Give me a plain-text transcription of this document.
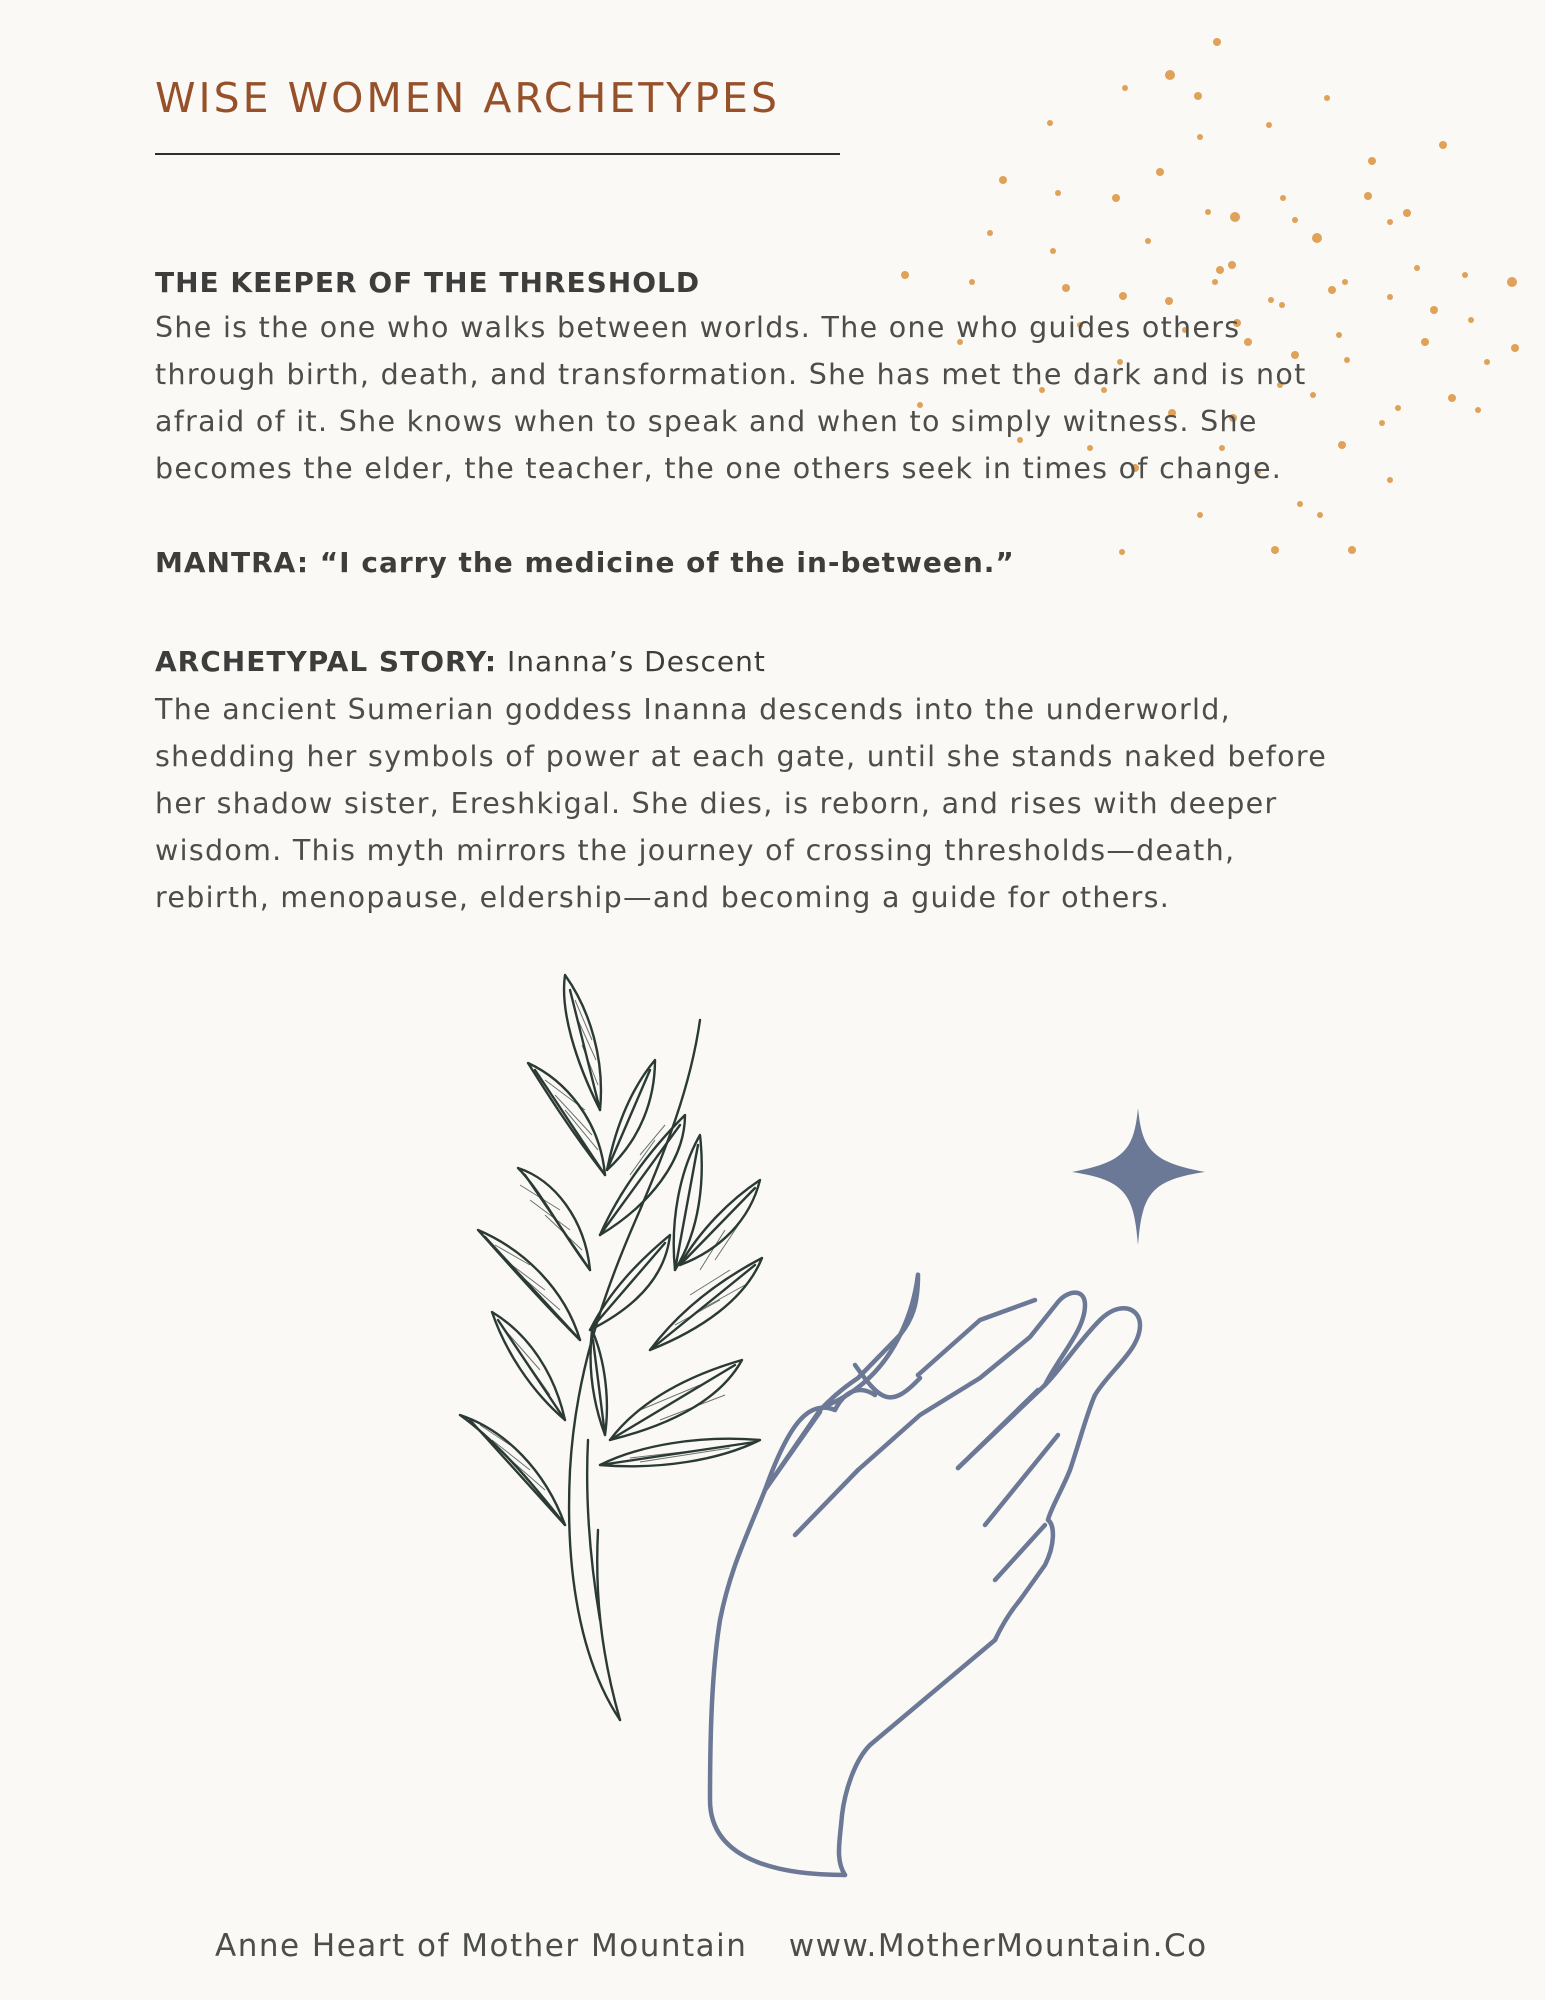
WISE WOMEN ARCHETYPES
THE KEEPER OF THE THRESHOLD

She is the one who walks between worlds. The one who guides others
through birth, death, and transformation. She has met the dark and is not
afraid of it. She knows when to speak and when to simply witness. She
becomes the elder, the teacher, the one others seek in times of change.

MANTRA: “I carry the medicine of the in-between.”

ARCHETYPAL STORY: Inanna’s Descent

The ancient Sumerian goddess Inanna descends into the underworld,
shedding her symbols of power at each gate, until she stands naked before
her shadow sister, Ereshkigal. She dies, is reborn, and rises with deeper
wisdom. This myth mirrors the journey of crossing thresholds—death,
rebirth, menopause, eldership—and becoming a guide for others.

Anne Heart of Mother Mountain www.MotherMountain.Co
